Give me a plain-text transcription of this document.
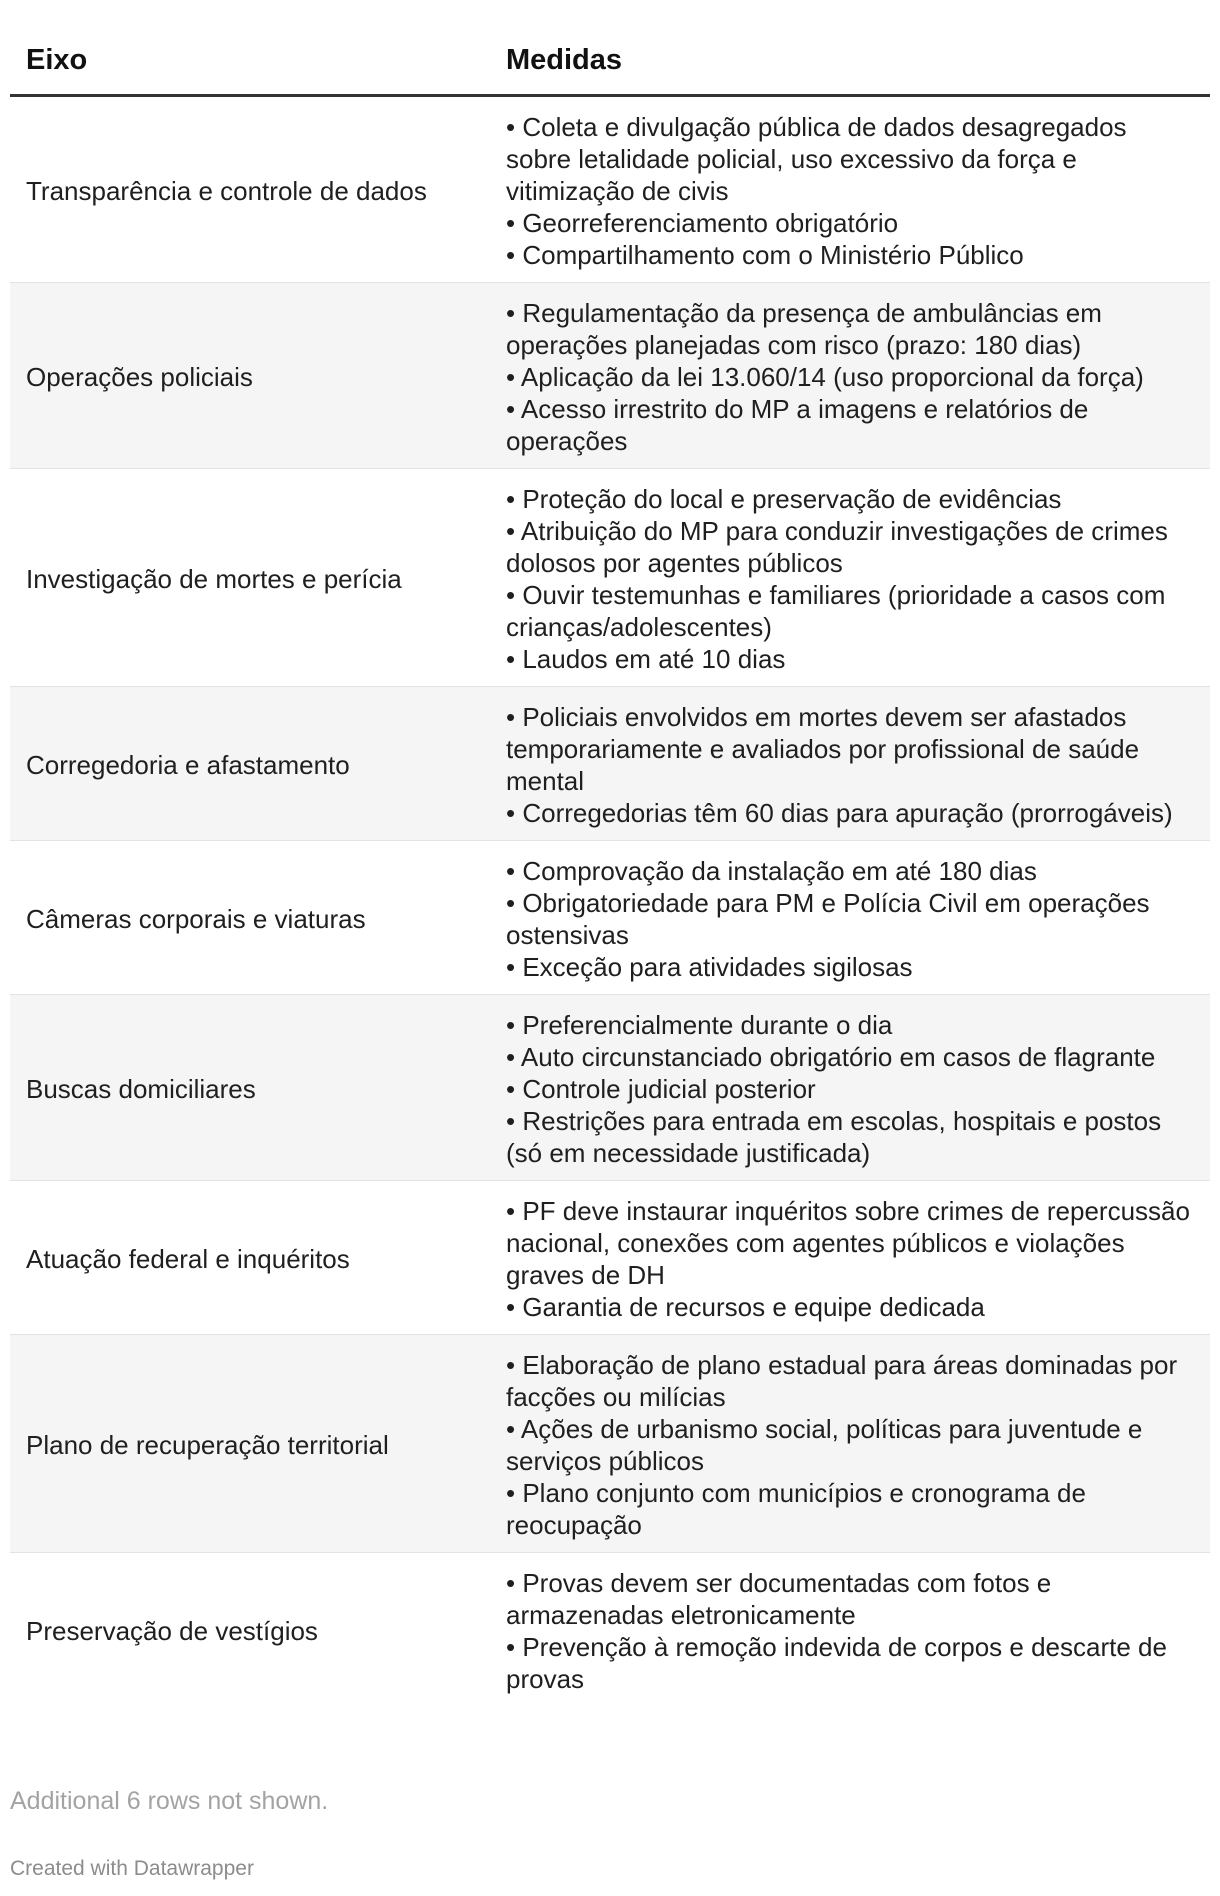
Eixo	Medidas
Transparência e controle de dados	• Coleta e divulgação pública de dados desagregados sobre letalidade policial, uso excessivo da força e vitimização de civis
• Georreferenciamento obrigatório
• Compartilhamento com o Ministério Público

Operações policiais	• Regulamentação da presença de ambulâncias em operações planejadas com risco (prazo: 180 dias)
• Aplicação da lei 13.060/14 (uso proporcional da força)
• Acesso irrestrito do MP a imagens e relatórios de operações

Investigação de mortes e perícia	• Proteção do local e preservação de evidências
• Atribuição do MP para conduzir investigações de crimes dolosos por agentes públicos
• Ouvir testemunhas e familiares (prioridade a casos com crianças/adolescentes)
• Laudos em até 10 dias

Corregedoria e afastamento	• Policiais envolvidos em mortes devem ser afastados temporariamente e avaliados por profissional de saúde mental
• Corregedorias têm 60 dias para apuração (prorrogáveis)

Câmeras corporais e viaturas	• Comprovação da instalação em até 180 dias
• Obrigatoriedade para PM e Polícia Civil em operações ostensivas
• Exceção para atividades sigilosas

Buscas domiciliares	• Preferencialmente durante o dia
• Auto circunstanciado obrigatório em casos de flagrante
• Controle judicial posterior
• Restrições para entrada em escolas, hospitais e postos (só em necessidade justificada)

Atuação federal e inquéritos	• PF deve instaurar inquéritos sobre crimes de repercussão nacional, conexões com agentes públicos e violações graves de DH
• Garantia de recursos e equipe dedicada

Plano de recuperação territorial	• Elaboração de plano estadual para áreas dominadas por facções ou milícias
• Ações de urbanismo social, políticas para juventude e serviços públicos
• Plano conjunto com municípios e cronograma de reocupação

Preservação de vestígios	• Provas devem ser documentadas com fotos e armazenadas eletronicamente
• Prevenção à remoção indevida de corpos e descarte de provas
Additional 6 rows not shown.
Created with Datawrapper
